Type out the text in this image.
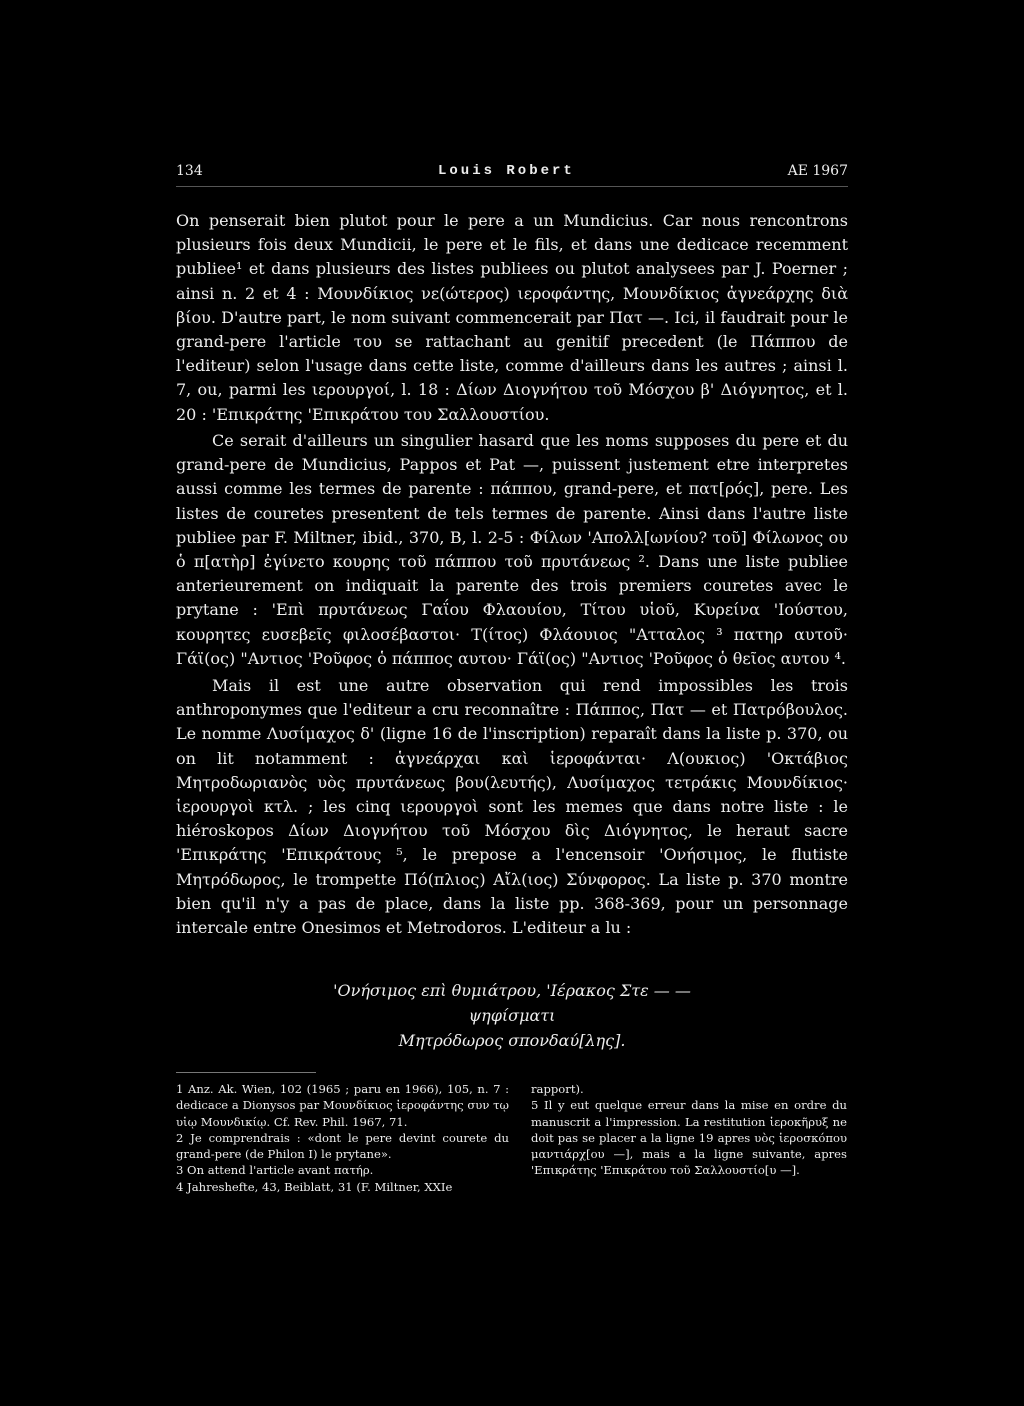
134	Louis Robert	AE 1967

On penserait bien plutot pour le pere a un Mundicius. Car nous rencontrons plusieurs fois deux Mundicii, le pere et le fils, et dans une dedicace recemment publiee¹ et dans plusieurs des listes publiees ou plutot analysees par J. Poerner ; ainsi n. 2 et 4 : Μουνδίκιος νε(ώτερος) ιεροφάντης, Μουνδίκιος ἁγνεάρχης διὰ βίου. D'autre part, le nom suivant commencerait par Πατ —. Ici, il faudrait pour le grand-pere l'article του se rattachant au genitif precedent (le Πάππου de l'editeur) selon l'usage dans cette liste, comme d'ailleurs dans les autres ; ainsi l. 7, ou, parmi les ιερουργοί, l. 18 : Δίων Διογνήτου τοῦ Μόσχου β' Διόγνητος, et l. 20 : 'Επικράτης 'Επικράτου του Σαλλουστίου.

Ce serait d'ailleurs un singulier hasard que les noms supposes du pere et du grand-pere de Mundicius, Pappos et Pat —, puissent justement etre interpretes aussi comme les termes de parente : πάππου, grand-pere, et πατ[ρός], pere. Les listes de couretes presentent de tels termes de parente. Ainsi dans l'autre liste publiee par F. Miltner, ibid., 370, B, l. 2-5 : Φίλων 'Απολλ[ωνίου? τοῦ] Φίλωνος ου ὁ π[ατὴρ] ἐγίνετο κουρης τοῦ πάππου τοῦ πρυτάνεως ². Dans une liste publiee anterieurement on indiquait la parente des trois premiers couretes avec le prytane : 'Επὶ πρυτάνεως Γαΐου Φλαουίου, Τίτου υἱοῦ, Κυρείνα 'Ιούστου, κουρητες ευσεβεῖς φιλοσέβαστοι· Τ(ίτος) Φλάουιος "Ατταλος ³ πατηρ αυτοῦ· Γάϊ(ος) "Αντιος 'Ροῦφος ὁ πάππος αυτου· Γάϊ(ος) "Αντιος 'Ροῦφος ὁ θεῖος αυτου ⁴.

Mais il est une autre observation qui rend impossibles les trois anthroponymes que l'editeur a cru reconnaître : Πάππος, Πατ — et Πατρόβουλος. Le nomme Λυσίμαχος δ' (ligne 16 de l'inscription) reparaît dans la liste p. 370, ou on lit notamment : ἁγνεάρχαι καὶ ἱεροφάνται· Λ(ουκιος) 'Οκτάβιος Μητροδωριανὸς υὸς πρυτάνεως βου(λευτής), Λυσίμαχος τετράκις Μουνδίκιος· ἱερουργοὶ κτλ. ; les cinq ιερουργοὶ sont les memes que dans notre liste : le hiéroskopos Δίων Διογνήτου τοῦ Μόσχου δὶς Διόγνητος, le heraut sacre 'Επικράτης 'Επικράτους ⁵, le prepose a l'encensoir 'Ονήσιμος, le flutiste Μητρόδωρος, le trompette Πό(πλιος) Αἴλ(ιος) Σύνφορος. La liste p. 370 montre bien qu'il n'y a pas de place, dans la liste pp. 368-369, pour un personnage intercale entre Onesimos et Metrodoros. L'editeur a lu :

'Ονήσιμος επὶ θυμιάτρου, 'Ιέρακος Στε — —
ψηφίσματι
Μητρόδωρος σπονδαύ[λης].

1 Anz. Ak. Wien, 102 (1965 ; paru en 1966), 105, n. 7 : dedicace a Dionysos par Μουνδίκιος ἱεροφάντης συν τῳ υἱῳ Μουνδικίῳ. Cf. Rev. Phil. 1967, 71.

2 Je comprendrais : «dont le pere devint courete du grand-pere (de Philon I) le prytane».

3 On attend l'article avant πατήρ.

4 Jahreshefte, 43, Beiblatt, 31 (F. Miltner, XXIe

rapport).

5 Il y eut quelque erreur dans la mise en ordre du manuscrit a l'impression. La restitution ἱεροκῆρυξ ne doit pas se placer a la ligne 19 apres υὸς ἱεροσκόπου μαντιάρχ[ου —], mais a la ligne suivante, apres 'Επικράτης 'Επικράτου τοῦ Σαλλουστίο[υ —].
